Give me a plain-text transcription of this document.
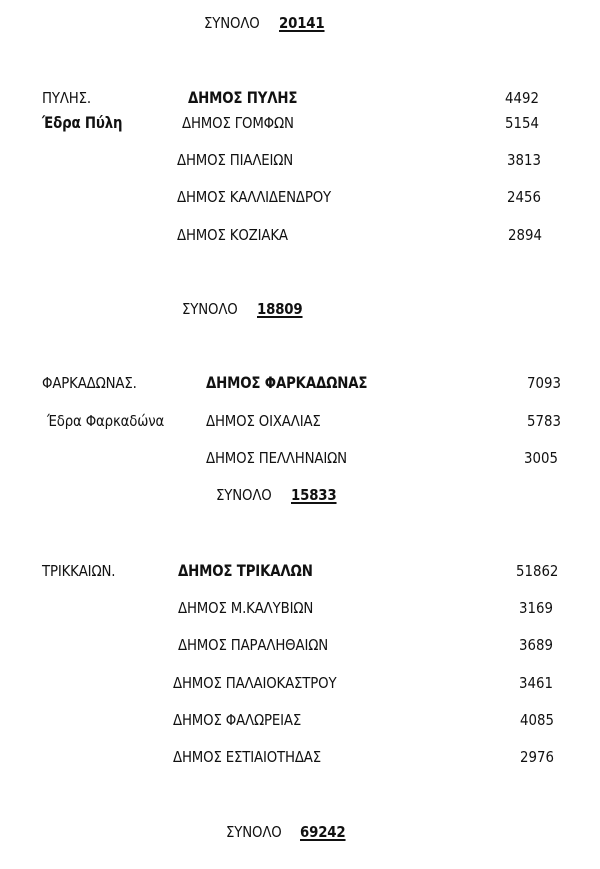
ΣΥΝΟΛΟ 20141
ΠΥΛΗΣ.
Έδρα Πύλη
ΔΗΜΟΣ ΠΥΛΗΣ	4492
ΔΗΜΟΣ ΓΟΜΦΩΝ	5154
ΔΗΜΟΣ ΠΙΑΛΕΙΩΝ	3813
ΔΗΜΟΣ ΚΑΛΛΙΔΕΝΔΡΟΥ	2456
ΔΗΜΟΣ ΚΟΖΙΑΚΑ	2894
ΣΥΝΟΛΟ 18809
ΦΑΡΚΑΔΩΝΑΣ.
Έδρα Φαρκαδώνα
ΔΗΜΟΣ ΦΑΡΚΑΔΩΝΑΣ	7093
ΔΗΜΟΣ ΟΙΧΑΛΙΑΣ	5783
ΔΗΜΟΣ ΠΕΛΛΗΝΑΙΩΝ	3005
ΣΥΝΟΛΟ 15833
ΤΡΙΚΚΑΙΩΝ.	ΔΗΜΟΣ ΤΡΙΚΑΛΩΝ	51862
ΔΗΜΟΣ Μ.ΚΑΛΥΒΙΩΝ	3169
ΔΗΜΟΣ ΠΑΡΑΛΗΘΑΙΩΝ	3689
ΔΗΜΟΣ ΠΑΛΑΙΟΚΑΣΤΡΟΥ	3461
ΔΗΜΟΣ ΦΑΛΩΡΕΙΑΣ	4085
ΔΗΜΟΣ ΕΣΤΙΑΙΟΤΗΔΑΣ	2976
ΣΥΝΟΛΟ 69242
